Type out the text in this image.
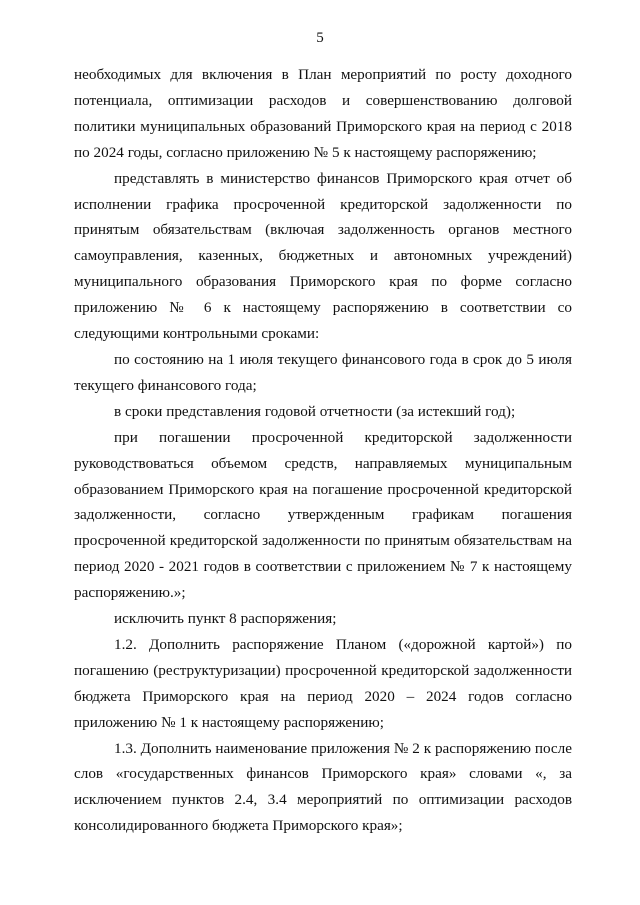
5

необходимых для включения в План мероприятий по росту доходного потенциала, оптимизации расходов и совершенствованию долговой политики муниципальных образований Приморского края на период с 2018 по 2024 годы, согласно приложению № 5 к настоящему распоряжению;

представлять в министерство финансов Приморского края отчет об исполнении графика просроченной кредиторской задолженности по принятым обязательствам (включая задолженность органов местного самоуправления, казенных, бюджетных и автономных учреждений) муниципального образования Приморского края по форме согласно приложению № 6 к настоящему распоряжению в соответствии со следующими контрольными сроками:

по состоянию на 1 июля текущего финансового года в срок до 5 июля текущего финансового года;

в сроки представления годовой отчетности (за истекший год);

при погашении просроченной кредиторской задолженности руководствоваться объемом средств, направляемых муниципальным образованием Приморского края на погашение просроченной кредиторской задолженности, согласно утвержденным графикам погашения просроченной кредиторской задолженности по принятым обязательствам на период 2020 - 2021 годов в соответствии с приложением № 7 к настоящему распоряжению.»;

исключить пункт 8 распоряжения;

1.2. Дополнить распоряжение Планом («дорожной картой») по погашению (реструктуризации) просроченной кредиторской задолженности бюджета Приморского края на период 2020 – 2024 годов согласно приложению № 1 к настоящему распоряжению;

1.3. Дополнить наименование приложения № 2 к распоряжению после слов «государственных финансов Приморского края» словами «, за исключением пунктов 2.4, 3.4 мероприятий по оптимизации расходов консолидированного бюджета Приморского края»;
